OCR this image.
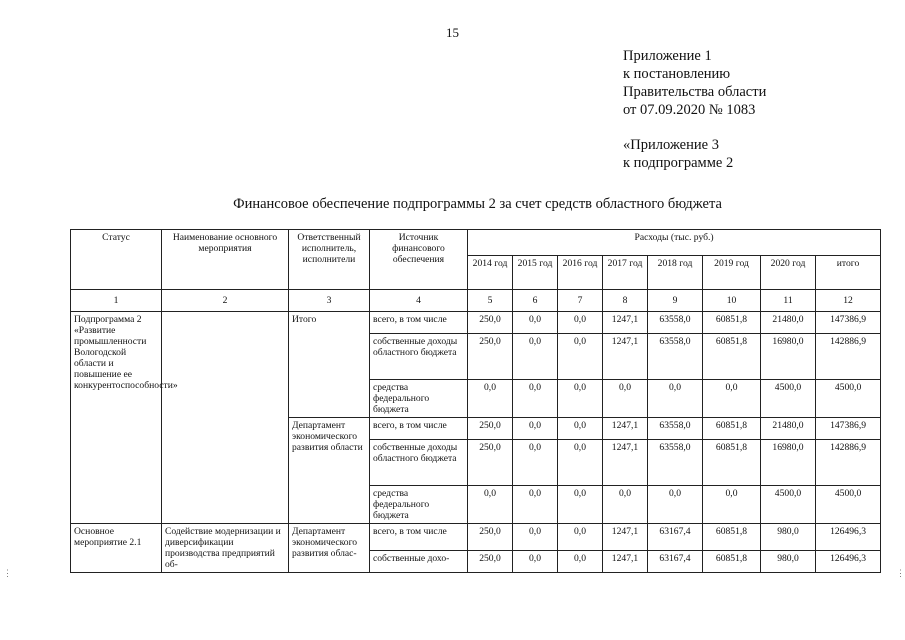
15
Приложение 1
к постановлению
Правительства области
от 07.09.2020 № 1083
«Приложение 3
к подпрограмме 2
Финансовое обеспечение подпрограммы 2 за счет средств областного бюджета
Статус	Наименование основного мероприятия	Ответственный исполнитель, исполнители	Источник финансового обеспечения	Расходы (тыс. руб.)							
				2014 год	2015 год	2016 год	2017 год	2018 год	2019 год	2020 год	итого
1	2	3	4	5	6	7	8	9	10	11	12
Подпрограмма 2 «Развитие промышленности Вологодской области и повышение ее конкурентоспособности»		Итого	всего, в том числе	250,0	0,0	0,0	1247,1	63558,0	60851,8	21480,0	147386,9
			собственные доходы областного бюджета	250,0	0,0	0,0	1247,1	63558,0	60851,8	16980,0	142886,9
			средства федерального бюджета	0,0	0,0	0,0	0,0	0,0	0,0	4500,0	4500,0
		Департамент экономического развития области	всего, в том числе	250,0	0,0	0,0	1247,1	63558,0	60851,8	21480,0	147386,9
			собственные доходы областного бюджета	250,0	0,0	0,0	1247,1	63558,0	60851,8	16980,0	142886,9
			средства федерального бюджета	0,0	0,0	0,0	0,0	0,0	0,0	4500,0	4500,0
Основное мероприятие 2.1	Содействие модернизации и диверсификации производства предприятий об-	Департамент экономического развития облас-	всего, в том числе	250,0	0,0	0,0	1247,1	63167,4	60851,8	980,0	126496,3
			собственные дохо-	250,0	0,0	0,0	1247,1	63167,4	60851,8	980,0	126496,3
⋮	⋮
